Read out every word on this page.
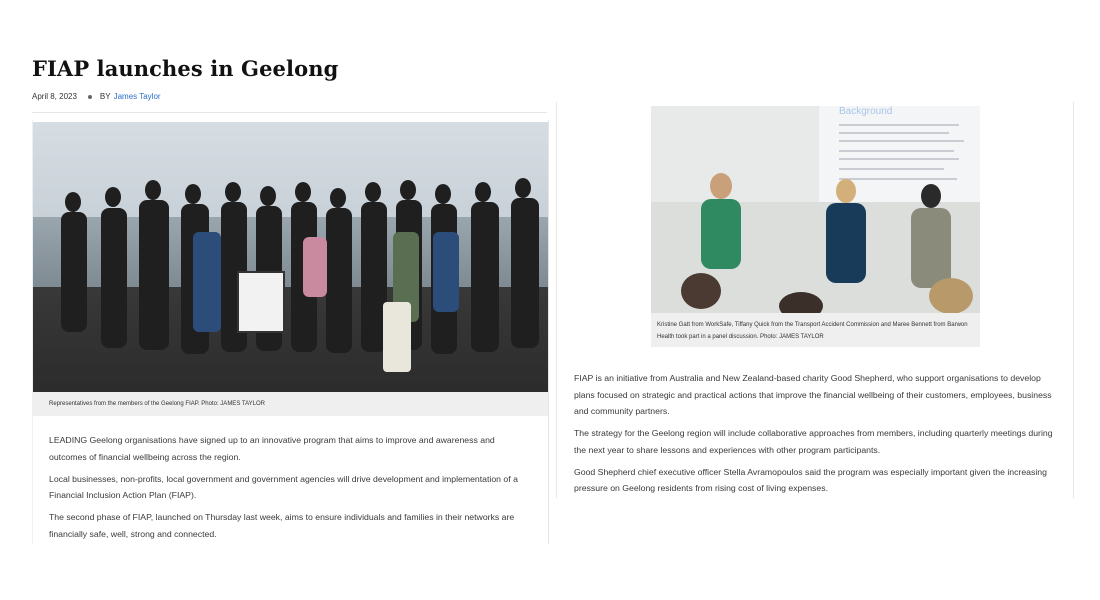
FIAP launches in Geelong
April 8, 2023	BY James Taylor
Representatives from the members of the Geelong FIAP. Photo: JAMES TAYLOR

LEADING Geelong organisations have signed up to an innovative program that aims to improve and awareness and outcomes of financial wellbeing across the region.

Local businesses, non-profits, local government and government agencies will drive development and implementation of a Financial Inclusion Action Plan (FIAP).

The second phase of FIAP, launched on Thursday last week, aims to ensure individuals and families in their networks are financially safe, well, strong and connected.

Background
Kristine Gatt from WorkSafe, Tiffany Quick from the Transport Accident Commission and Maree Bennett from Barwon Health took part in a panel discussion. Photo: JAMES TAYLOR

FIAP is an initiative from Australia and New Zealand-based charity Good Shepherd, who support organisations to develop plans focused on strategic and practical actions that improve the financial wellbeing of their customers, employees, business and community partners.

The strategy for the Geelong region will include collaborative approaches from members, including quarterly meetings during the next year to share lessons and experiences with other program participants.

Good Shepherd chief executive officer Stella Avramopoulos said the program was especially important given the increasing pressure on Geelong residents from rising cost of living expenses.
